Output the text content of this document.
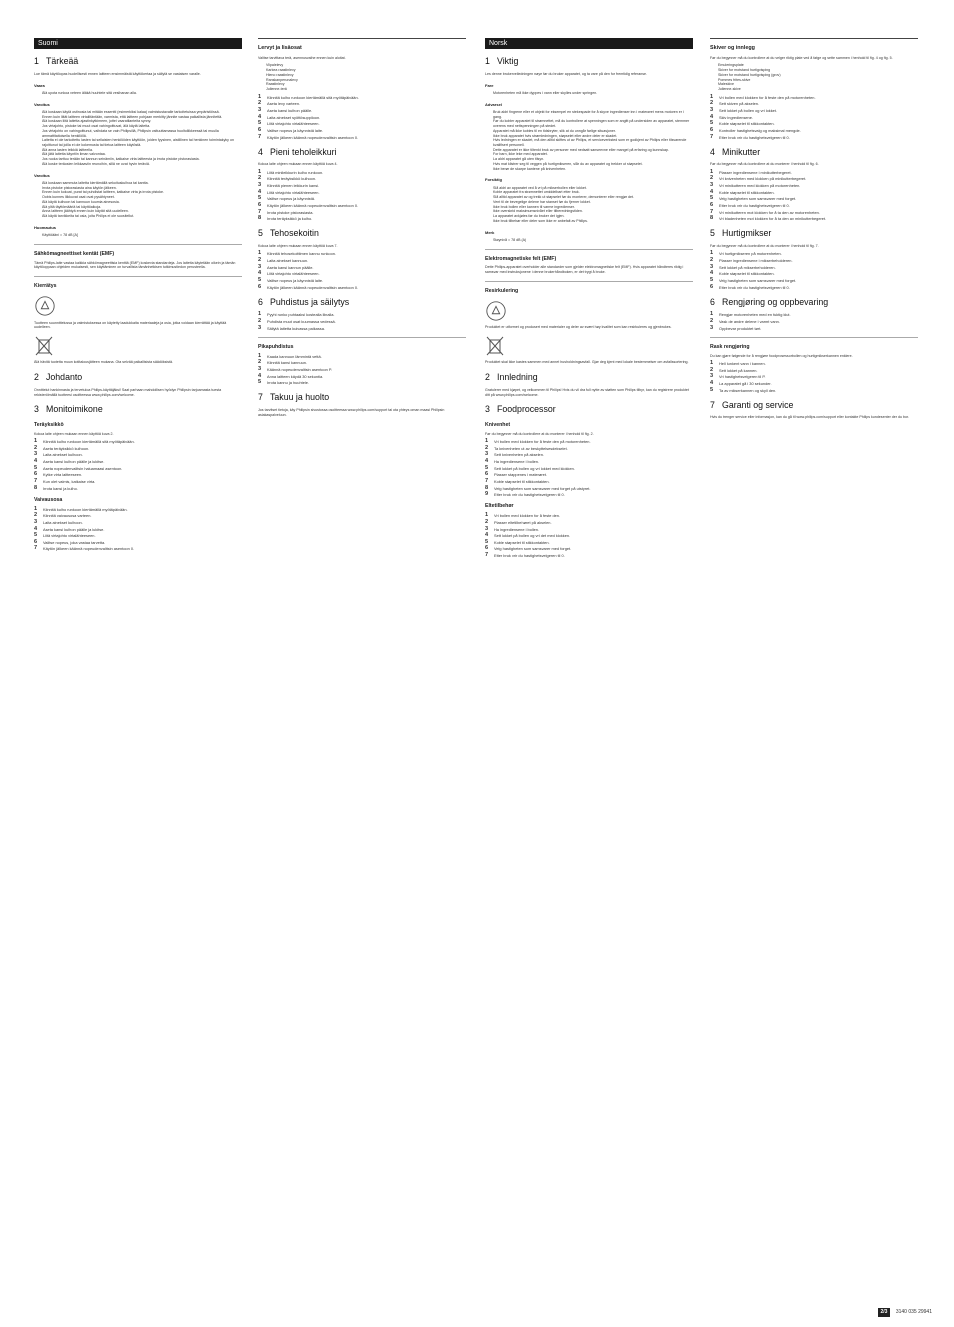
Suomi
1 Tärkeää

Lue tämä käyttöopas huolellisesti ennen laitteen ensimmäistä käyttökertaa ja säilytä se vastaisen varalle.

Vaara
• Älä upota runkoa veteen äläkä huuhtele sitä vesihanan alla.
Varoitus
• Älä koskaan käytä ostinosia tai mitään essentti (esimerkiksi kalaa) valmistustavalle tarkoitetuissa ympäristöissä.
• Ennen kuin liität laitteen virtaliitäntään, varmista, että laitteen pohjaan merkitty jännite vastaa paikallista jännitettä.
• Älä koskaan liitä laitetta ajastinkytkimeen, jottei vaaratilanteita synny.
• Jos virtajohto, pistoke tai muut osat vahingoittuvat, älä käytä laitetta.
• Jos virtajohto on vahingoittunut, vaihdata se vain Philipsillä, Philipsin valtuuttamassa huoltoliikkeessä tai muulla ammattitaitoisella henkilöllä.
• Laitetta ei ole tarkoitettu lasten tai sellaisten henkilöiden käyttöön, joiden fyysinen, aistillinen tai henkinen toimintakyky on rajoittunut tai joilla ei ole kokemusta tai tietoa laitteen käytöstä.
• Älä anna lasten leikkiä laitteella.
• Älä jätä laitetta käyntiin ilman valvontaa.
• Jos ruoka tarttuu terään tai kannun seinämiin, katkaise virta laitteesta ja irrota pistoke pistorasiasta.
• Älä koske teräosien leikkaaviin reunoihin, sillä ne ovat hyvin teräviä.
Varoitus
• Älä koskaan sammuta laitetta kiertämällä sekoituskulhoa tai kantta.
• Irrota pistoke pistorasiasta aina käytön jälkeen.
• Ennen kuin kokoat, purat tai puhdistat laitteen, katkaise virta ja irrota pistoke.
• Oobis kunnes liikkuvat osat ovat pysähtyneet.
• Älä käytä kulhoon tai kannuun kuumia ainesosia.
• Älä ylitä täyttömääriä tai käyttöaikoja.
• Anna laitteen jäähtyä ennen kuin käytät sitä uudelleen.
• Älä käytä tarvikkeita tai osia, joita Philips ei ole suositellut.
Huomautus
• Käyttöääni = 78 dB [A]
Sähkömagneettiset kentät (EMF)

Tämä Philips-laite vastaa kaikkia sähkömagneettisia kenttiä (EMF) koskevia standardeja. Jos laitetta käytetään oikein ja tämän käyttöoppaan ohjeiden mukaisesti, sen käyttäminen on turvallista tämänhetkisen tutkimustiedon perusteella.

Kierrätys

Tuotteen suunnittelussa ja valmistuksessa on käytetty laadukkaita materiaaleja ja osia, jotka voidaan kierrättää ja käyttää uudelleen.

Älä hävitä tuotetta muun kotitalousjätteen mukana. Ota selvää paikallisista säädöksistä.

2 Johdanto

Onnittelut hankinnasta ja tervetuloa Philips-käyttäjäksi! Saat parhaan mahdollisen hyödyn Philipsin tarjoamasta tuesta rekisteröimällä tuotteesi osoitteessa www.philips.com/welcome.

3 Monitoimikone
Teräyksikkö

Kokoa laite ohjeen mukaan ennen käyttöä kuva 2.

1 Kiinnitä kulho runkoon kiertämällä sitä myötäpäivään.
2 Aseta teräyksikkö kulhoon.
3 Laita ainekset kulhoon.
4 Aseta kansi kulhon päälle ja lukitse.
5 Aseta nopeudenvalitsin haluamaasi asentoon.
6 Kytke virta laitteeseen.
7 Kun olet valmis, katkaise virta.
8 Irrota kansi ja kulho.
Vaivausosa
1 Kiinnitä kulho runkoon kiertämällä myötäpäivään.
2 Kiinnitä vaivausosa varteen.
3 Laita ainekset kulhoon.
4 Aseta kansi kulhon päälle ja lukitse.
5 Liitä virtajohto virtalähteeseen.
6 Valitse nopeus, joka vastaa tarvetta.
7 Käytön jälkeen käännä nopeudenvalitsin asentoon 0.
Lervyt ja lisäosat

Valitse tarvittava terä, asennusvaihe ennen kuin aloitat.

• Viipalelevy
• Karkea raastinlevy
• Hieno raastinlevy
• Ranskanperunalevy
• Raastinlevy
• Julienne-terä
1 Kiinnitä kulho runkoon kiertämällä sitä myötäpäivään.
2 Aseta levy varteen.
3 Aseta kansi kulhon päälle.
4 Laita ainekset syöttösuppiloon.
5 Liitä virtajohto virtalähteeseen.
6 Valitse nopeus ja käynnistä laite.
7 Käytön jälkeen käännä nopeudenvalitsin asentoon 0.
4 Pieni teholeikkuri

Kokoa laite ohjeen mukaan ennen käyttöä kuva 4.

1 Liitä minileikkurin kulho runkoon.
2 Kiinnitä teräyksikkö kulhoon.
3 Kiinnitä pienen leikkurin kansi.
4 Liitä virtajohto virtalähteeseen.
5 Valitse nopeus ja käynnistä.
6 Käytön jälkeen käännä nopeudenvalitsin asentoon 0.
7 Irrota pistoke pistorasiasta.
8 Irrota teräyksikkö ja kulho.
5 Tehosekoitin

Kokoa laite ohjeen mukaan ennen käyttöä kuva 7.

1 Kiinnitä tehosekoittimen kannu runkoon.
2 Laita ainekset kannuun.
3 Aseta kansi kannun päälle.
4 Liitä virtajohto virtalähteeseen.
5 Valitse nopeus ja käynnistä laite.
6 Käytön jälkeen käännä nopeudenvalitsin asentoon 0.
6 Puhdistus ja säilytys
1 Pyyhi runko puhtaaksi kostealla liinalla.
2 Puhdista muut osat kuumassa vedessä.
3 Säilytä laitetta kuivassa paikassa.
Pikapuhdistus
1 Kaada kannuun lämmintä vettä.
2 Kiinnitä kansi kannuun.
3 Käännä nopeudenvalitsin asentoon P.
4 Anna laitteen käydä 30 sekuntia.
5 Irrota kannu ja huuhtele.
7 Takuu ja huolto

Jos tarvitset tietoja, käy Philipsin sivustossa osoitteessa www.philips.com/support tai ota yhteys oman maasi Philipsin asiakaspalveluun.

Norsk
1 Viktig

Les denne brukerveiledningen nøye før du bruker apparatet, og ta vare på den for fremtidig referanse.

Fare
• Motorenheten må ikke dyppes i vann eller skylles under springen.
Advarsel
• Bruk aldri fingrene eller et objekt for eksempel en stekespade for å skyve ingredienser inn i materøret mens motoren er i gang.
• Før du kobler apparatet til strømnettet, må du kontrollere at spenningen som er angitt på undersiden av apparatet, stemmer overens med nettspenningen på stedet.
• Apparatet må ikke kobles til en tidsbryter, slik at du unngår farlige situasjoner.
• Ikke bruk apparatet hvis strømledningen, støpselet eller andre deler er skadet.
• Hvis ledningen er skadet, må den alltid skiftes ut av Philips, et serviceverksted som er godkjent av Philips eller tilsvarende kvalifisert personell.
• Dette apparatet er ikke tiltenkt bruk av personer med nedsatt sanseevne eller mangel på erfaring og kunnskap.
• For barn, ikke leke med apparatet.
• La aldri apparatet gå uten tilsyn.
• Hvis mat klistrer seg til veggen på hurtigmikseren, slår du av apparatet og trekker ut støpselet.
• Ikke berør de skarpe kantene på knivenheten.
Forsiktig
• Slå aldri av apparatet ved å vri på mikserbollen eller lokket.
• Koble apparatet fra strømnettet umiddelbart etter bruk.
• Slå alltid apparatet av og trekk ut støpselet før du monterer, demonterer eller rengjør det.
• Vent til de bevegelige delene har stanset før du fjerner lokket.
• Ikke bruk bollen eller kannen til varme ingredienser.
• Ikke overskrid maksimumsnivået eller tilberedningstiden.
• La apparatet avkjøles før du bruker det igjen.
• Ikke bruk tilbehør eller deler som ikke er anbefalt av Philips.
Merk
• Støynivå = 78 dB (A)
Elektromagnetiske felt (EMF)

Dette Philips-apparatet overholder alle standarder som gjelder elektromagnetiske felt (EMF). Hvis apparatet håndteres riktig i samsvar med instruksjonene i denne brukerhåndboken, er det trygt å bruke.

Resirkulering

Produktet er utformet og produsert med materialer og deler av svært høy kvalitet som kan resirkuleres og gjenbrukes.

Produktet skal ikke kastes sammen med annet husholdningsavfall. Gjør deg kjent med lokale bestemmelser om avfallssortering.

2 Innledning

Gratulerer med kjøpet, og velkommen til Philips! Hvis du vil dra full nytte av støtten som Philips tilbyr, kan du registrere produktet ditt på www.philips.com/welcome.

3 Foodprocessor
Knivenhet

Før du begynner må du kontrollere at du monterer i henhold til fig. 2.

1 Vri bollen med klokken for å feste den på motorenheten.
2 Ta knivenheten ut av beskyttelsesdekselet.
3 Sett knivenheten på akselen.
4 Ha ingrediensene i bollen.
5 Sett lokket på bollen og vri lokket med klokken.
6 Plasser stappenes i materøret.
7 Koble støpselet til stikkontakten.
8 Velg hastigheten som samsvarer med forget på utstyret.
9 Etter bruk vrir du hastighetsvelgeren til 0.
Eltetilbehør
1 Vri bollen med klokken for å feste den.
2 Plasser eltetilbehøret på akselen.
3 Ha ingrediensene i bollen.
4 Sett lokket på bollen og vri det med klokken.
5 Koble støpselet til stikkontakten.
6 Velg hastigheten som samsvarer med forget.
7 Etter bruk vrir du hastighetsvelgeren til 0.
Skiver og innlegg

Før du begynner må du kontrollere at du velger riktig plate ved å følge og sette sammen i henhold til fig. 4 og fig. 5.

• Emuleringsplate
• Skiver for motstand hurtigvisping
• Skiver for motstand hurtigvisping (grov)
• Pommes frites-skive
• Maleskive
• Julienne-skive
1 Vri bollen med klokken for å feste den på motorenheten.
2 Sett skiven på akselen.
3 Sett lokket på bollen og vri lokket.
4 Skiv ingrediensene.
5 Koble støpselet til stikkontakten.
6 Kontroller hastighetsvalg og maksimal mengde.
7 Etter bruk vrir du hastighetsvelgeren til 0.
4 Minikutter

Før du begynner må du kontrollere at du monterer i henhold til fig. 6.

1 Plasser ingrediensene i minikutterbegeret.
2 Vri knivenheten med klokken på minikutterbegeret.
3 Vri minikutteren med klokken på motorenheten.
4 Koble støpselet til stikkontakten.
5 Velg hastigheten som samsvarer med forget.
6 Etter bruk vrir du hastighetsvelgeren til 0.
7 Vri minikutteren mot klokken for å ta den av motorenheten.
8 Vri bladenheten mot klokken for å ta den av minikutterbegeret.
5 Hurtigmikser

Før du begynner må du kontrollere at du monterer i henhold til fig. 7.

1 Vri hurtigmikseren på motorenheten.
2 Plasser ingrediensene i mikserbeholderen.
3 Sett lokket på mikserbeholderen.
4 Koble støpselet til stikkontakten.
5 Velg hastigheten som samsvarer med forget.
6 Etter bruk vrir du hastighetsvelgeren til 0.
6 Rengjøring og oppbevaring
1 Rengjør motorenheten med en fuktig klut.
2 Vask de andre delene i varmt vann.
3 Oppbevar produktet tørt.
Rask rengjøring

Du kan gjøre følgende for å rengjøre foodprosessorbollen og hurtigmikserkannen enklere.

1 Hell lunkent vann i kannen.
2 Sett lokket på kannen.
3 Vri hastighetsvelgeren til P.
4 La apparatet gå i 30 sekunder.
5 Ta av mikserkannen og skyll den.
7 Garanti og service

Hvis du trenger service eller informasjon, kan du gå til www.philips.com/support eller kontakte Philips kundesenter der du bor.

2/3 3140 035 29941
